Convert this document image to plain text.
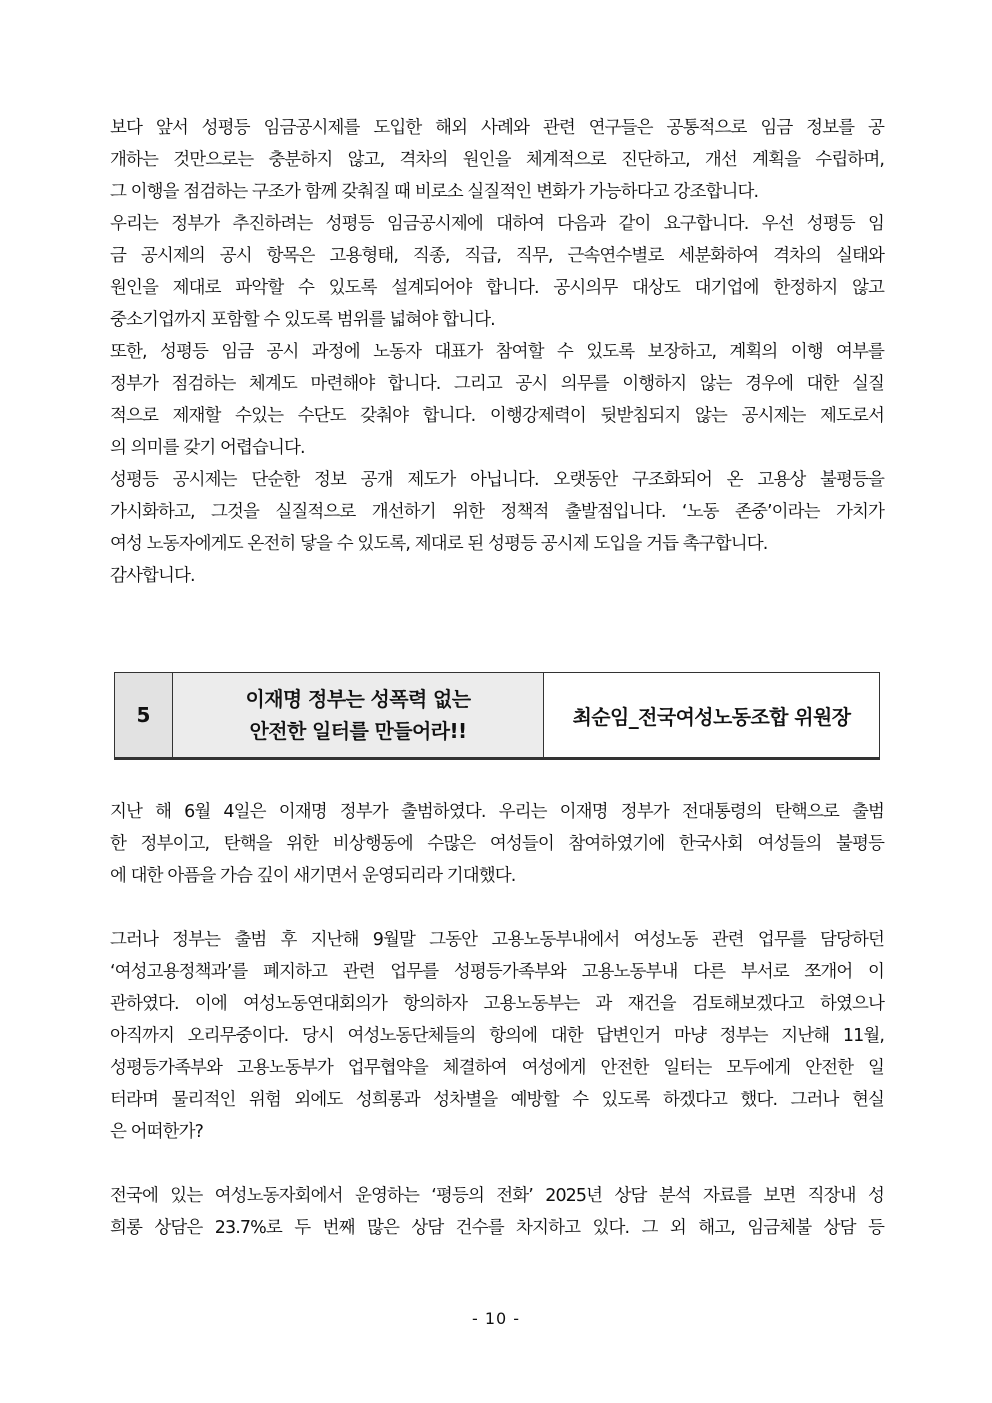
보다 앞서 성평등 임금공시제를 도입한 해외 사례와 관련 연구들은 공통적으로 임금 정보를 공
개하는 것만으로는 충분하지 않고, 격차의 원인을 체계적으로 진단하고, 개선 계획을 수립하며,
그 이행을 점검하는 구조가 함께 갖춰질 때 비로소 실질적인 변화가 가능하다고 강조합니다.
우리는 정부가 추진하려는 성평등 임금공시제에 대하여 다음과 같이 요구합니다. 우선 성평등 임
금 공시제의 공시 항목은 고용형태, 직종, 직급, 직무, 근속연수별로 세분화하여 격차의 실태와
원인을 제대로 파악할 수 있도록 설계되어야 합니다. 공시의무 대상도 대기업에 한정하지 않고
중소기업까지 포함할 수 있도록 범위를 넓혀야 합니다.
또한, 성평등 임금 공시 과정에 노동자 대표가 참여할 수 있도록 보장하고, 계획의 이행 여부를
정부가 점검하는 체계도 마련해야 합니다. 그리고 공시 의무를 이행하지 않는 경우에 대한 실질
적으로 제재할 수있는 수단도 갖춰야 합니다. 이행강제력이 뒷받침되지 않는 공시제는 제도로서
의 의미를 갖기 어렵습니다.
성평등 공시제는 단순한 정보 공개 제도가 아닙니다. 오랫동안 구조화되어 온 고용상 불평등을
가시화하고, 그것을 실질적으로 개선하기 위한 정책적 출발점입니다. ‘노동 존중’이라는 가치가
여성 노동자에게도 온전히 닿을 수 있도록, 제대로 된 성평등 공시제 도입을 거듭 촉구합니다.
감사합니다.
5
이재명 정부는 성폭력 없는
안전한 일터를 만들어라!!
최순임_전국여성노동조합 위원장
지난 해 6월 4일은 이재명 정부가 출범하였다. 우리는 이재명 정부가 전대통령의 탄핵으로 출범
한 정부이고, 탄핵을 위한 비상행동에 수많은 여성들이 참여하였기에 한국사회 여성들의 불평등
에 대한 아픔을 가슴 깊이 새기면서 운영되리라 기대했다.
그러나 정부는 출범 후 지난해 9월말 그동안 고용노동부내에서 여성노동 관련 업무를 담당하던
‘여성고용정책과’를 폐지하고 관련 업무를 성평등가족부와 고용노동부내 다른 부서로 쪼개어 이
관하였다. 이에 여성노동연대회의가 항의하자 고용노동부는 과 재건을 검토해보겠다고 하였으나
아직까지 오리무중이다. 당시 여성노동단체들의 항의에 대한 답변인거 마냥 정부는 지난해 11월,
성평등가족부와 고용노동부가 업무협약을 체결하여 여성에게 안전한 일터는 모두에게 안전한 일
터라며 물리적인 위험 외에도 성희롱과 성차별을 예방할 수 있도록 하겠다고 했다. 그러나 현실
은 어떠한가?
전국에 있는 여성노동자회에서 운영하는 ‘평등의 전화’ 2025년 상담 분석 자료를 보면 직장내 성
희롱 상담은 23.7%로 두 번째 많은 상담 건수를 차지하고 있다. 그 외 해고, 임금체불 상담 등
- 10 -
